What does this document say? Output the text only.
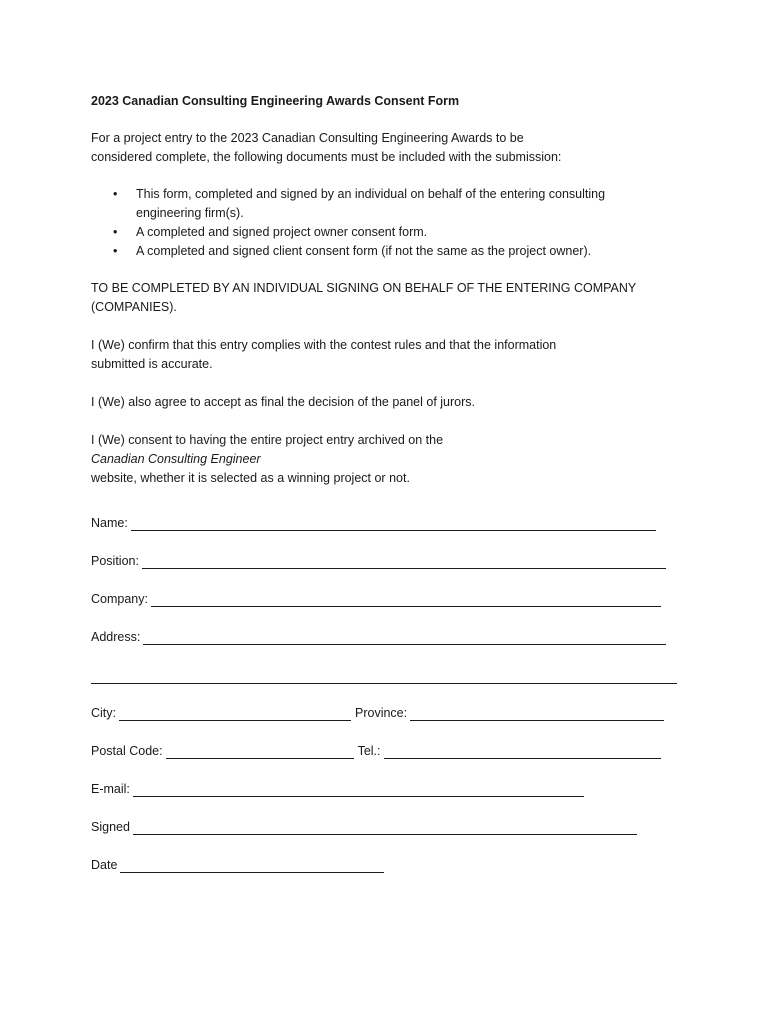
2023 Canadian Consulting Engineering Awards Consent Form

For a project entry to the 2023 Canadian Consulting Engineering Awards to be
considered complete, the following documents must be included with the submission:

• This form, completed and signed by an individual on behalf of the entering consulting
engineering firm(s).
• A completed and signed project owner consent form.
• A completed and signed client consent form (if not the same as the project owner).

TO BE COMPLETED BY AN INDIVIDUAL SIGNING ON BEHALF OF THE ENTERING COMPANY
(COMPANIES).

I (We) confirm that this entry complies with the contest rules and that the information
submitted is accurate.

I (We) also agree to accept as final the decision of the panel of jurors.

I (We) consent to having the entire project entry archived on the
Canadian Consulting Engineer
website, whether it is selected as a winning project or not.

Name:
Position:
Company:
Address:
City:	Province:
Postal Code:	Tel.:
E-mail:
Signed
Date
